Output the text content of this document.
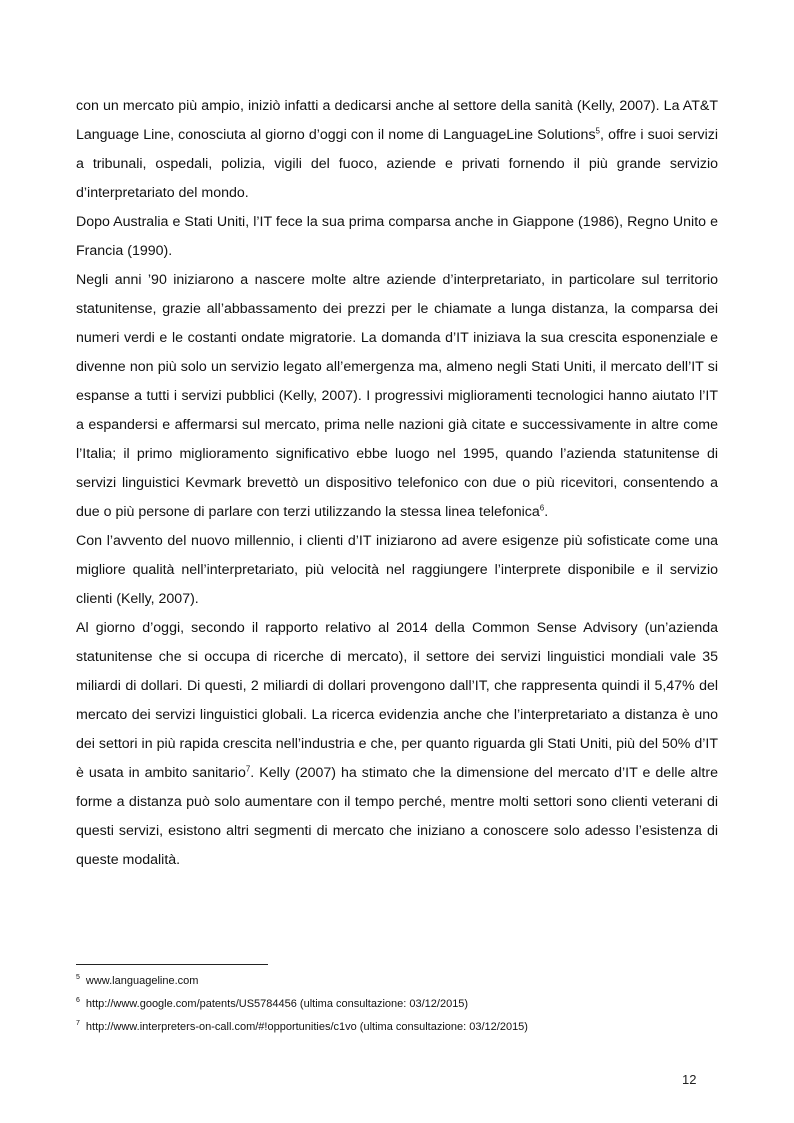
con un mercato più ampio, iniziò infatti a dedicarsi anche al settore della sanità (Kelly, 2007). La AT&T Language Line, conosciuta al giorno d’oggi con il nome di LanguageLine Solutions$^5$, offre i suoi servizi a tribunali, ospedali, polizia, vigili del fuoco, aziende e privati fornendo il più grande servizio d’interpretariato del mondo.

Dopo Australia e Stati Uniti, l’IT fece la sua prima comparsa anche in Giappone (1986), Regno Unito e Francia (1990).

Negli anni ’90 iniziarono a nascere molte altre aziende d’interpretariato, in particolare sul territorio statunitense, grazie all’abbassamento dei prezzi per le chiamate a lunga distanza, la comparsa dei numeri verdi e le costanti ondate migratorie. La domanda d’IT iniziava la sua crescita esponenziale e divenne non più solo un servizio legato all’emergenza ma, almeno negli Stati Uniti, il mercato dell’IT si espanse a tutti i servizi pubblici (Kelly, 2007). I progressivi miglioramenti tecnologici hanno aiutato l’IT a espandersi e affermarsi sul mercato, prima nelle nazioni già citate e successivamente in altre come l’Italia; il primo miglioramento significativo ebbe luogo nel 1995, quando l’azienda statunitense di servizi linguistici Kevmark brevettò un dispositivo telefonico con due o più ricevitori, consentendo a due o più persone di parlare con terzi utilizzando la stessa linea telefonica$^6$.

Con l’avvento del nuovo millennio, i clienti d’IT iniziarono ad avere esigenze più sofisticate come una migliore qualità nell’interpretariato, più velocità nel raggiungere l’interprete disponibile e il servizio clienti (Kelly, 2007).

Al giorno d’oggi, secondo il rapporto relativo al 2014 della Common Sense Advisory (un’azienda statunitense che si occupa di ricerche di mercato), il settore dei servizi linguistici mondiali vale 35 miliardi di dollari. Di questi, 2 miliardi di dollari provengono dall’IT, che rappresenta quindi il 5,47% del mercato dei servizi linguistici globali. La ricerca evidenzia anche che l’interpretariato a distanza è uno dei settori in più rapida crescita nell’industria e che, per quanto riguarda gli Stati Uniti, più del 50% d’IT è usata in ambito sanitario$^7$. Kelly (2007) ha stimato che la dimensione del mercato d’IT e delle altre forme a distanza può solo aumentare con il tempo perché, mentre molti settori sono clienti veterani di questi servizi, esistono altri segmenti di mercato che iniziano a conoscere solo adesso l’esistenza di queste modalità.

$^5$ www.languageline.com

$^6$ http://www.google.com/patents/US5784456 (ultima consultazione: 03/12/2015)

$^7$ http://www.interpreters-on-call.com/#!opportunities/c1vo (ultima consultazione: 03/12/2015)

12
